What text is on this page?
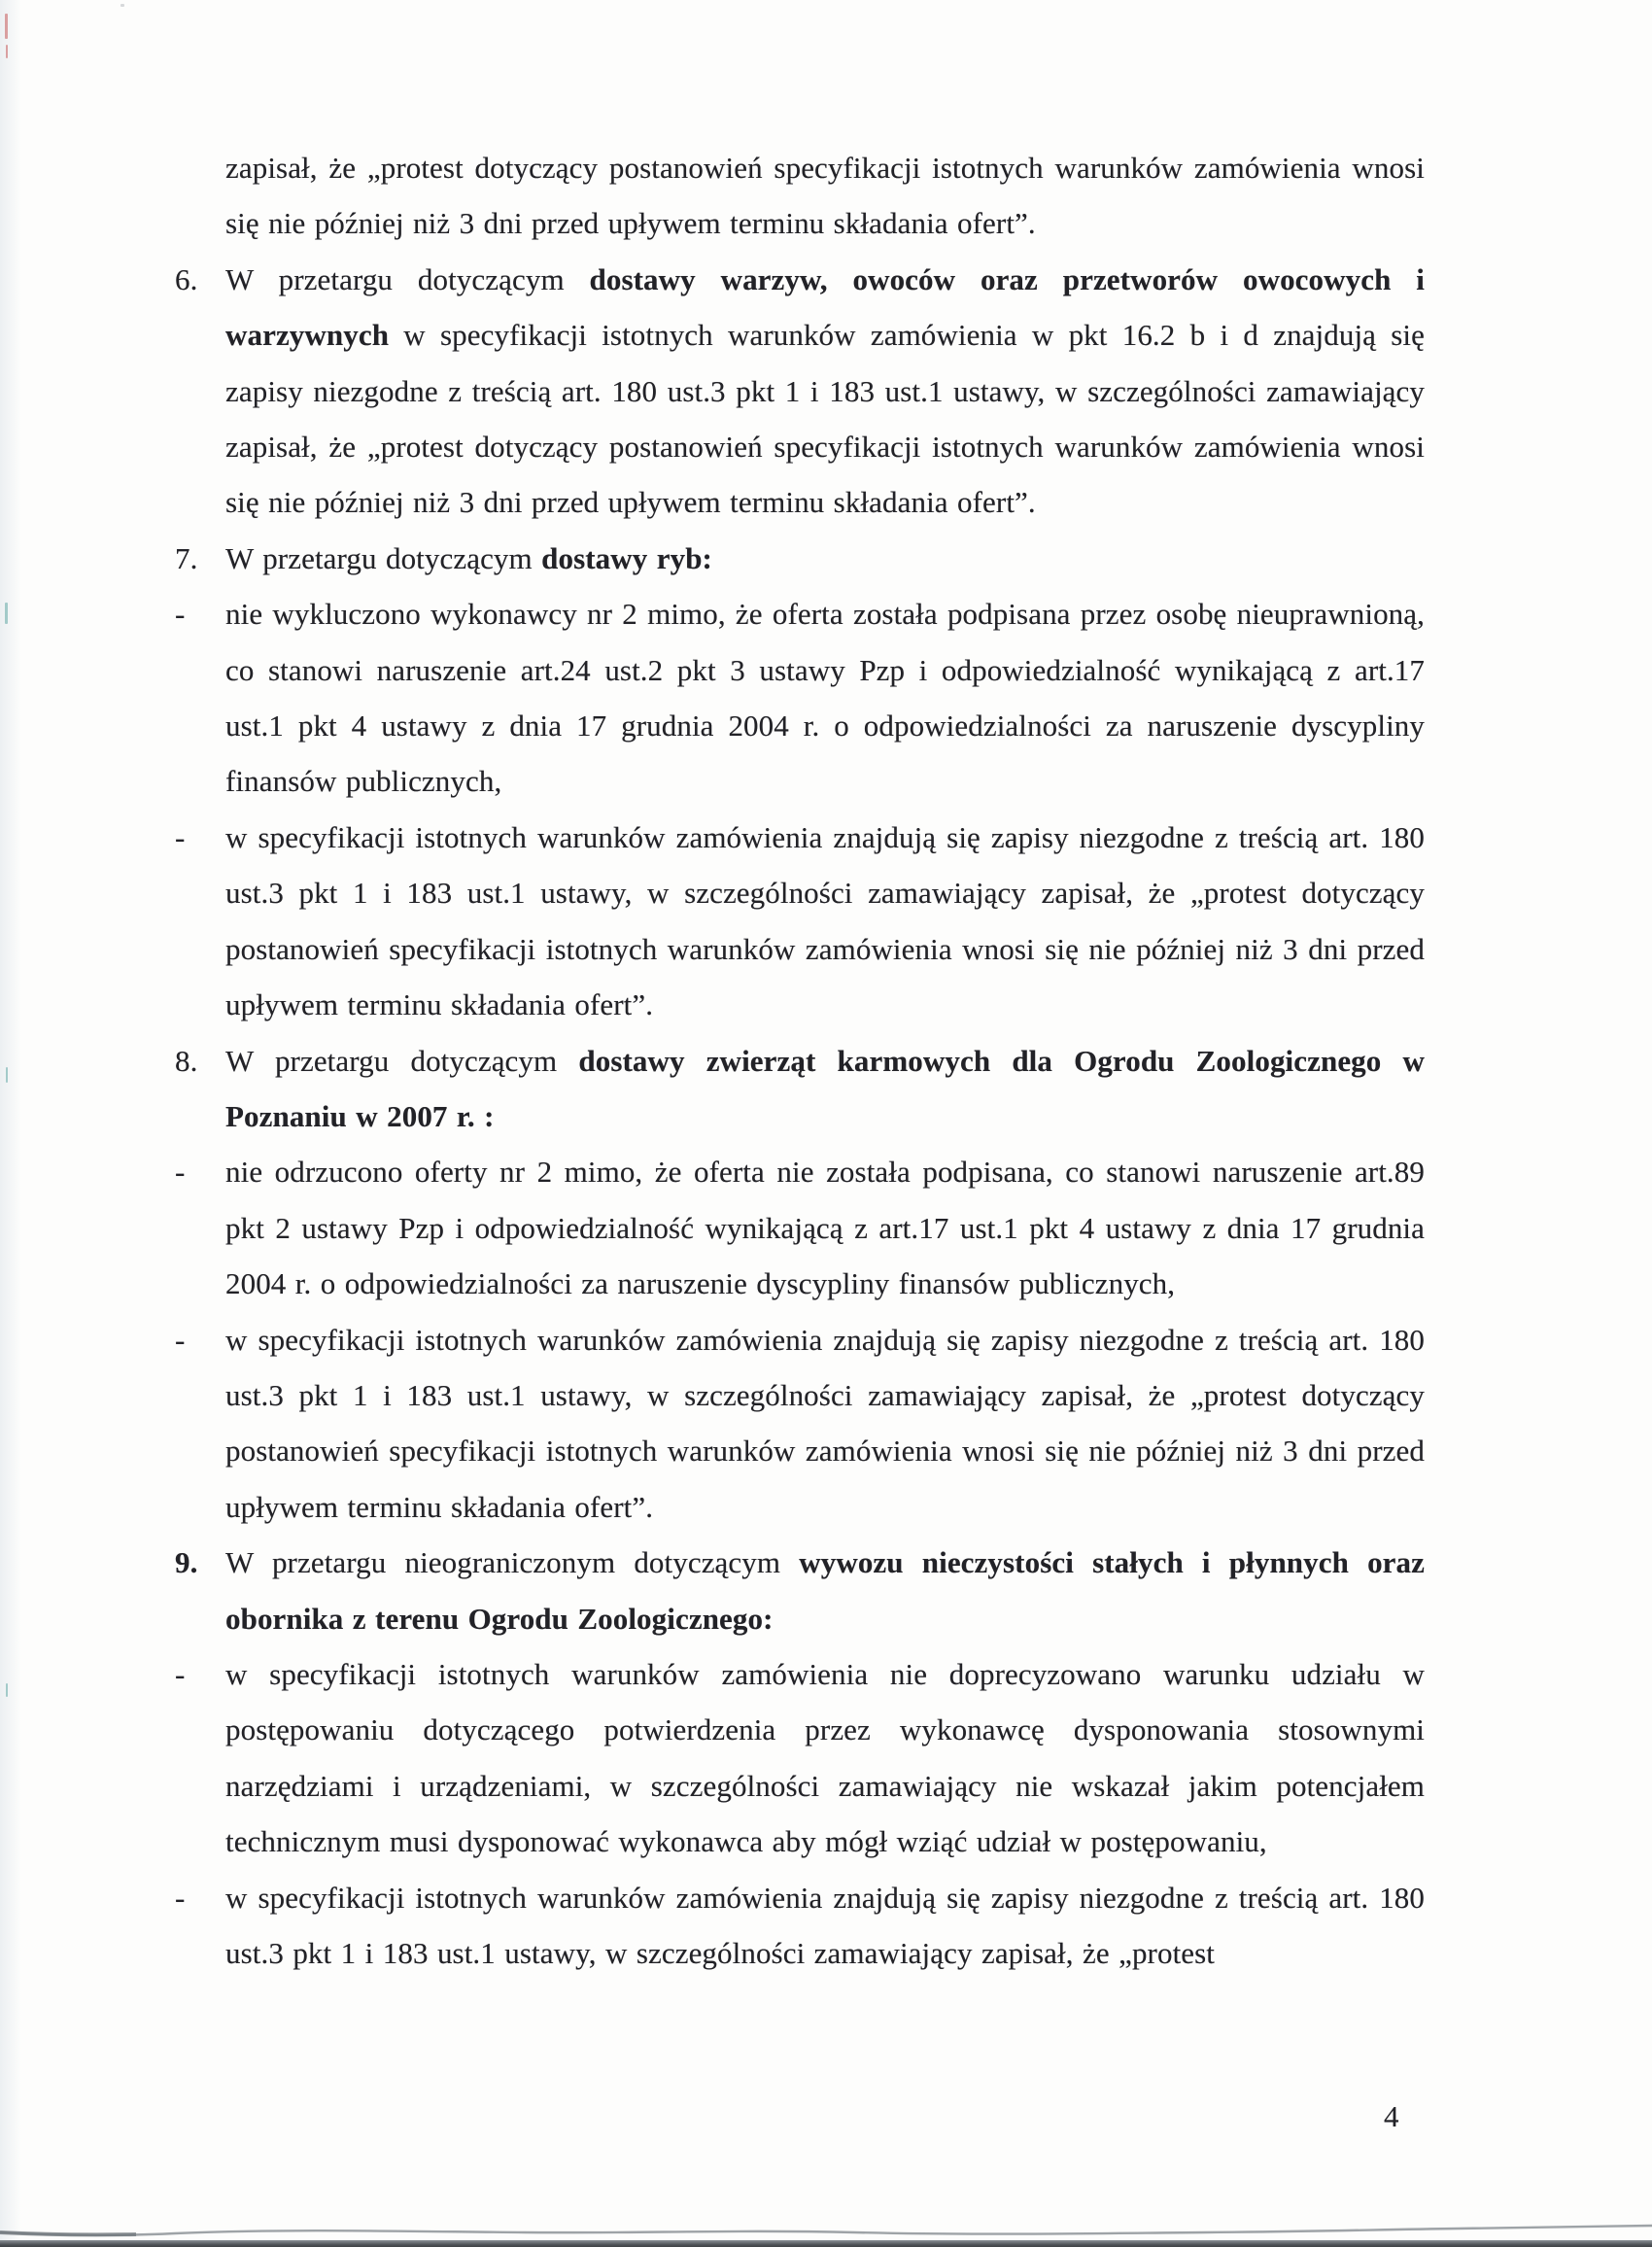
zapisał, że „protest dotyczący postanowień specyfikacji istotnych warunków zamówienia wnosi się nie później niż 3 dni przed upływem terminu składania ofert”.
6. W przetargu dotyczącym dostawy warzyw, owoców oraz przetworów owocowych i warzywnych w specyfikacji istotnych warunków zamówienia w pkt 16.2 b i d znajdują się zapisy niezgodne z treścią art. 180 ust.3 pkt 1 i 183 ust.1 ustawy, w szczególności zamawiający zapisał, że „protest dotyczący postanowień specyfikacji istotnych warunków zamówienia wnosi się nie później niż 3 dni przed upływem terminu składania ofert”.
7. W przetargu dotyczącym dostawy ryb:
- nie wykluczono wykonawcy nr 2 mimo, że oferta została podpisana przez osobę nieuprawnioną, co stanowi naruszenie art.24 ust.2 pkt 3 ustawy Pzp i odpowiedzialność wynikającą z art.17 ust.1 pkt 4 ustawy z dnia 17 grudnia 2004 r. o odpowiedzialności za naruszenie dyscypliny finansów publicznych,
- w specyfikacji istotnych warunków zamówienia znajdują się zapisy niezgodne z treścią art. 180 ust.3 pkt 1 i 183 ust.1 ustawy, w szczególności zamawiający zapisał, że „protest dotyczący postanowień specyfikacji istotnych warunków zamówienia wnosi się nie później niż 3 dni przed upływem terminu składania ofert”.
8. W przetargu dotyczącym dostawy zwierząt karmowych dla Ogrodu Zoologicznego w Poznaniu w 2007 r. :
- nie odrzucono oferty nr 2 mimo, że oferta nie została podpisana, co stanowi naruszenie art.89 pkt 2 ustawy Pzp i odpowiedzialność wynikającą z art.17 ust.1 pkt 4 ustawy z dnia 17 grudnia 2004 r. o odpowiedzialności za naruszenie dyscypliny finansów publicznych,
- w specyfikacji istotnych warunków zamówienia znajdują się zapisy niezgodne z treścią art. 180 ust.3 pkt 1 i 183 ust.1 ustawy, w szczególności zamawiający zapisał, że „protest dotyczący postanowień specyfikacji istotnych warunków zamówienia wnosi się nie później niż 3 dni przed upływem terminu składania ofert”.
9. W przetargu nieograniczonym dotyczącym wywozu nieczystości stałych i płynnych oraz obornika z terenu Ogrodu Zoologicznego:
- w specyfikacji istotnych warunków zamówienia nie doprecyzowano warunku udziału w postępowaniu dotyczącego potwierdzenia przez wykonawcę dysponowania stosownymi narzędziami i urządzeniami, w szczególności zamawiający nie wskazał jakim potencjałem technicznym musi dysponować wykonawca aby mógł wziąć udział w postępowaniu,
- w specyfikacji istotnych warunków zamówienia znajdują się zapisy niezgodne z treścią art. 180 ust.3 pkt 1 i 183 ust.1 ustawy, w szczególności zamawiający zapisał, że „protest
4
